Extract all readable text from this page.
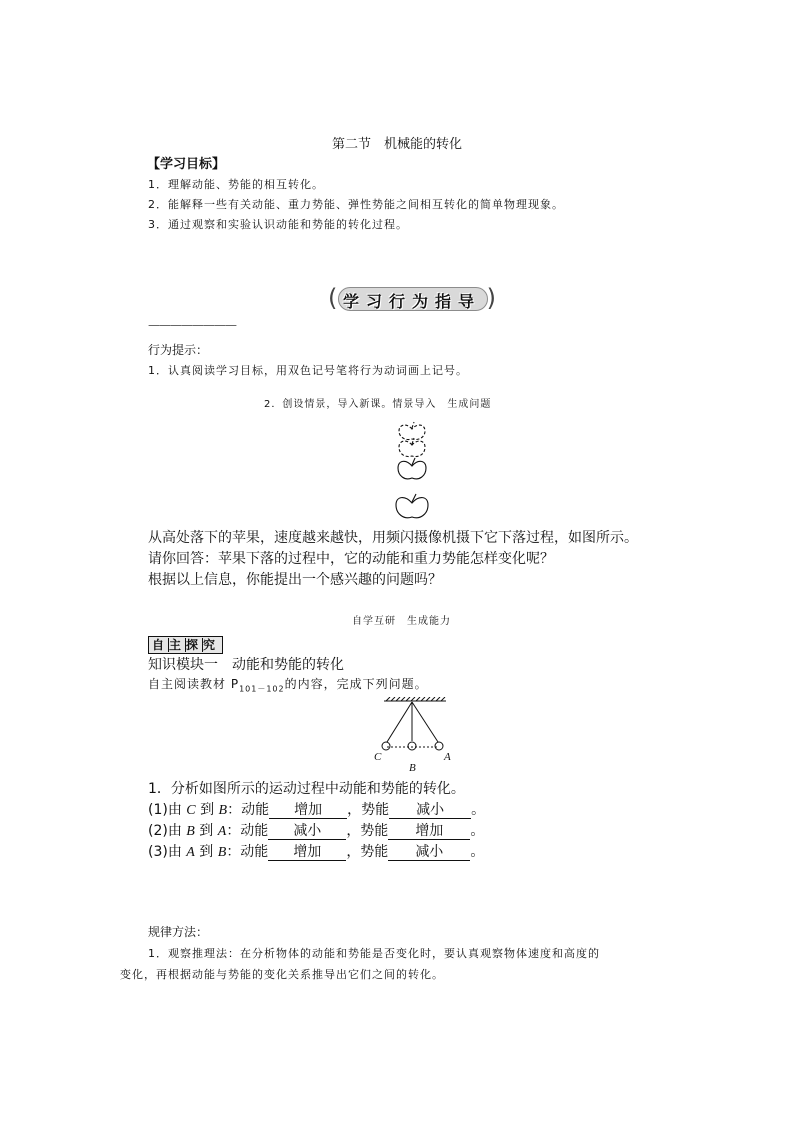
第二节　机械能的转化
【学习目标】
1．理解动能、势能的相互转化。
2．能解释一些有关动能、重力势能、弹性势能之间相互转化的简单物理现象。
3．通过观察和实验认识动能和势能的转化过程。
(	)
学习行为指导
————————
行为提示：
1．认真阅读学习目标，用双色记号笔将行为动词画上记号。
2．创设情景，导入新课。情景导入　生成问题
从高处落下的苹果，速度越来越快，用频闪摄像机摄下它下落过程，如图所示。
请你回答：苹果下落的过程中，它的动能和重力势能怎样变化呢？
根据以上信息，你能提出一个感兴趣的问题吗？
自学互研　生成能力
自 主 探 究
知识模块一　动能和势能的转化
自主阅读教材 $P_{101-102}$的内容，完成下列问题。
C
B
A
1．分析如图所示的运动过程中动能和势能的转化。
(1)由 C 到 B：动能 增加 ，势能 减小 。
(2)由 B 到 A：动能 减小 ，势能 增加 。
(3)由 A 到 B：动能 增加 ，势能 减小 。
规律方法：
1．观察推理法：在分析物体的动能和势能是否变化时，要认真观察物体速度和高度的
变化，再根据动能与势能的变化关系推导出它们之间的转化。
